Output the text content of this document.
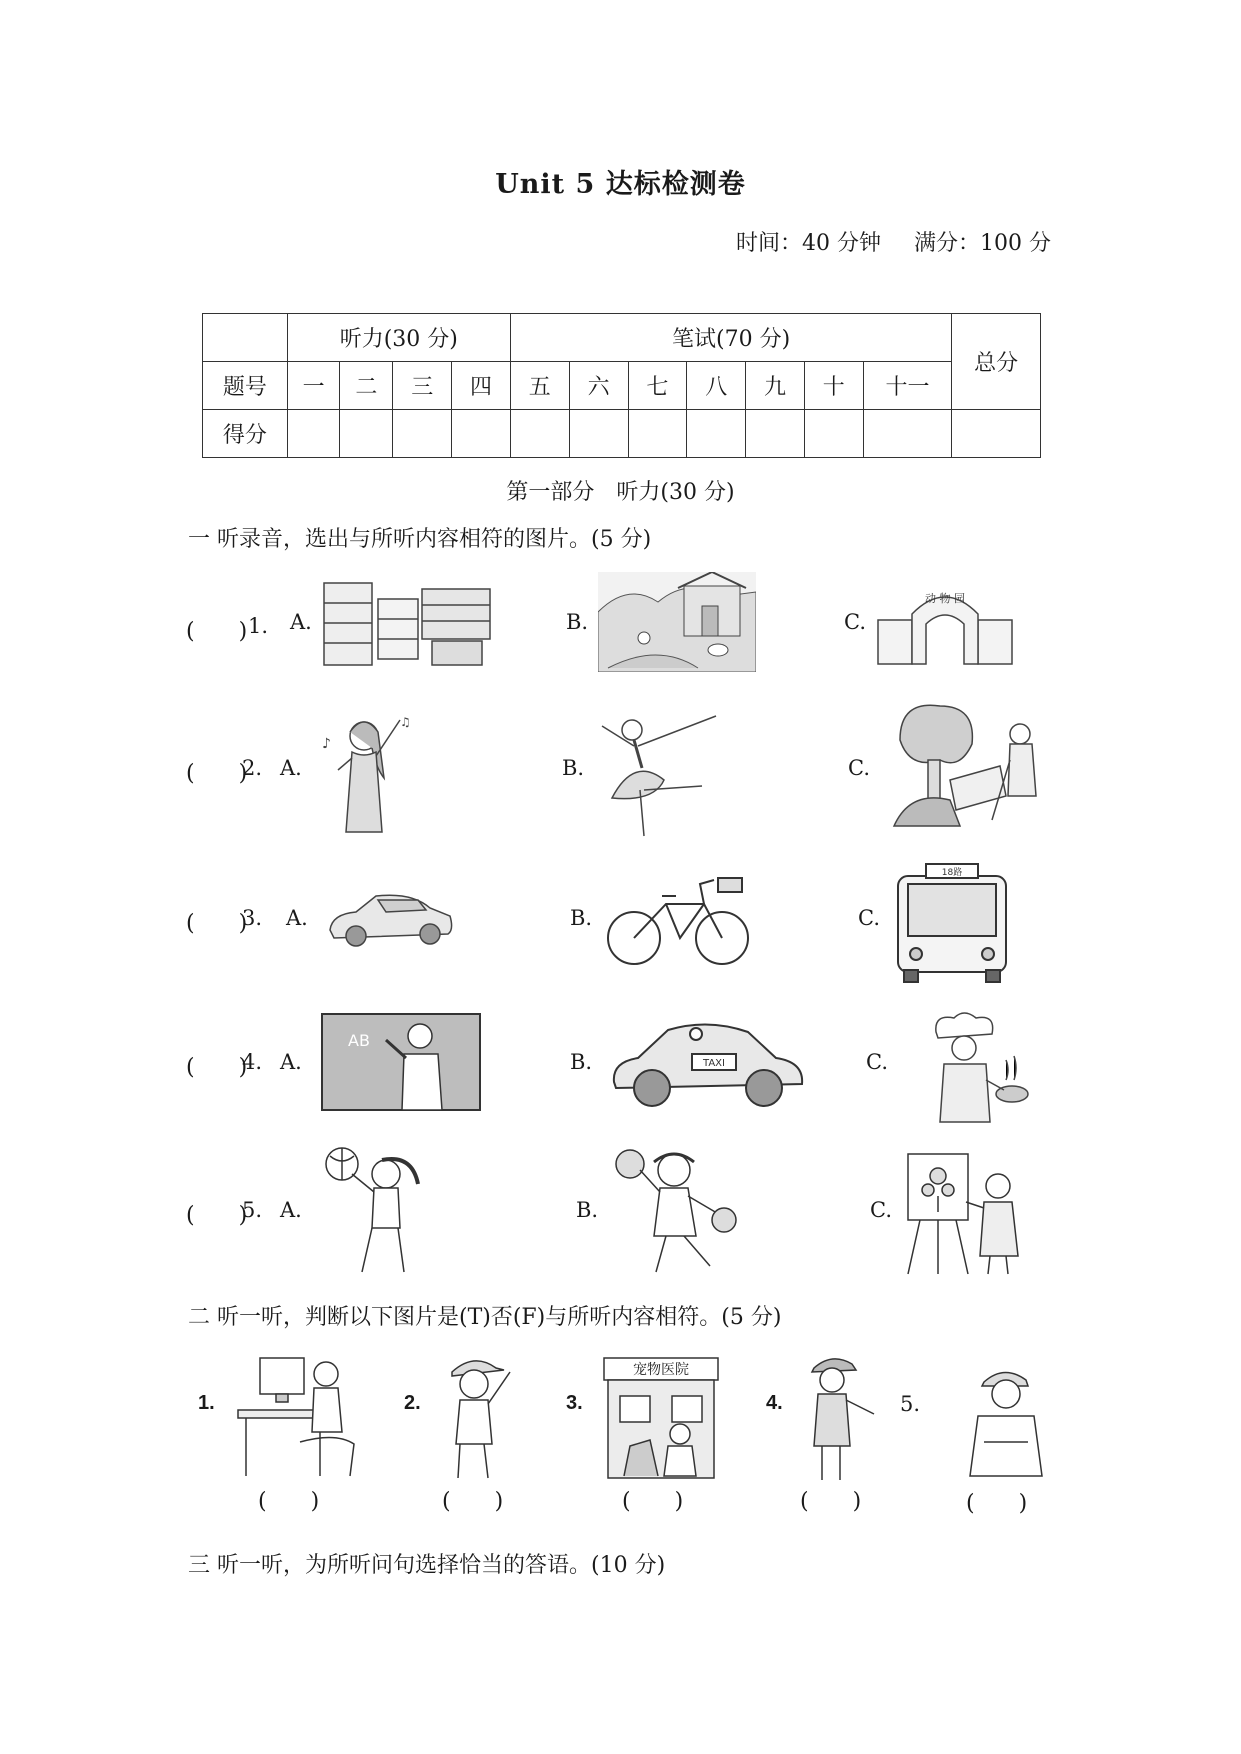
Unit 5 达标检测卷
时间：40 分钟 满分：100 分
	听力(30 分)				笔试(70 分)							总分
题号	一	二	三	四	五	六	七	八	九	十	十一	
得分												
第一部分　听力(30 分)
一 听录音，选出与所听内容相符的图片。(5 分)
(　　) 1. A.	B.	C.
动 物 园
(　　)
2. A.	B.	C.
♪
♫
(　　)
3. A.	B.	C.
18路
(　　)
4. A.	B.	C.
AB
TAXI
(　　)
5. A.	B.	C.
二 听一听，判断以下图片是(T)否(F)与所听内容相符。(5 分)
1.
(　　)
2.
(　　)
3.
宠物医院
(　　)
4.
(　　)
5.
(　　)
三 听一听，为所听问句选择恰当的答语。(10 分)
